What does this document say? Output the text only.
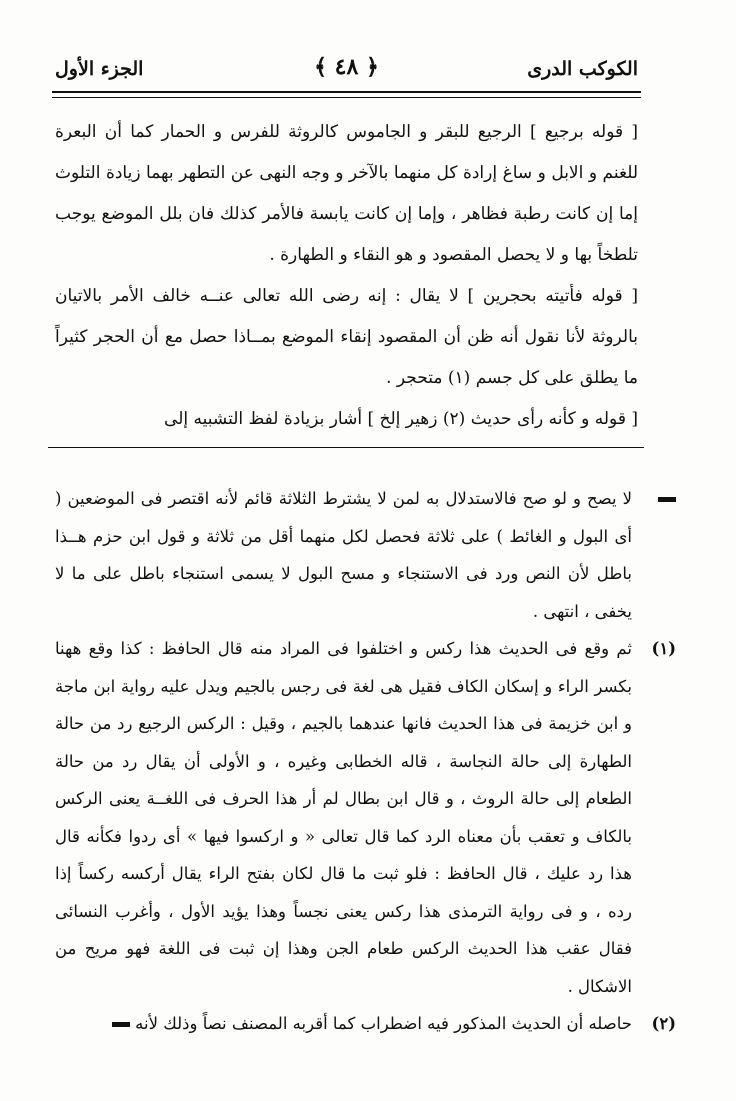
الكوكب الدرى
﴿ ٤٨ ﴾
الجزء الأول

[ قوله برجيع ] الرجيع للبقر و الجاموس كالروثة للفرس و الحمار كما أن البعرة للغنم و الابل و ساغ إرادة كل منهما بالآخر و وجه النهى عن التطهر بهما زيادة التلوث إما إن كانت رطبة فظاهر ، وإما إن كانت يابسة فالأمر كذلك فان بلل الموضع يوجب تلطخاً بها و لا يحصل المقصود و هو النقاء و الطهارة .

[ قوله فأتيته بحجرين ] لا يقال : إنه رضى الله تعالى عنــه خالف الأمر بالاتيان بالروثة لأنا نقول أنه ظن أن المقصود إنقاء الموضع بمــاذا حصل مع أن الحجر كثيراً ما يطلق على كل جسم (١) متحجر .

[ قوله و كأنه رأى حديث (٢) زهير إلخ ] أشار بزيادة لفظ التشبيه إلى

لا يصح و لو صح فالاستدلال به لمن لا يشترط الثلاثة قائم لأنه اقتصر فى الموضعين ( أى البول و الغائط ) على ثلاثة فحصل لكل منهما أقل من ثلاثة و قول ابن حزم هــذا باطل لأن النص ورد فى الاستنجاء و مسح البول لا يسمى استنجاء باطل على ما لا يخفى ، انتهى .

(١)

ثم وقع فى الحديث هذا ركس و اختلفوا فى المراد منه قال الحافظ : كذا وقع ههنا بكسر الراء و إسكان الكاف فقيل هى لغة فى رجس بالجيم ويدل عليه رواية ابن ماجة و ابن خزيمة فى هذا الحديث فانها عندهما بالجيم ، وقيل : الركس الرجيع رد من حالة الطهارة إلى حالة النجاسة ، قاله الخطابى وغيره ، و الأولى أن يقال رد من حالة الطعام إلى حالة الروث ، و قال ابن بطال لم أر هذا الحرف فى اللغــة يعنى الركس بالكاف و تعقب بأن معناه الرد كما قال تعالى « و اركسوا فيها » أى ردوا فكأنه قال هذا رد عليك ، قال الحافظ : فلو ثبت ما قال لكان بفتح الراء يقال أركسه ركساً إذا رده ، و فى رواية الترمذى هذا ركس يعنى نجساً وهذا يؤيد الأول ، وأغرب النسائى فقال عقب هذا الحديث الركس طعام الجن وهذا إن ثبت فى اللغة فهو مريح من الاشكال .

(٢)

حاصله أن الحديث المذكور فيه اضطراب كما أقربه المصنف نصاً وذلك لأنه
